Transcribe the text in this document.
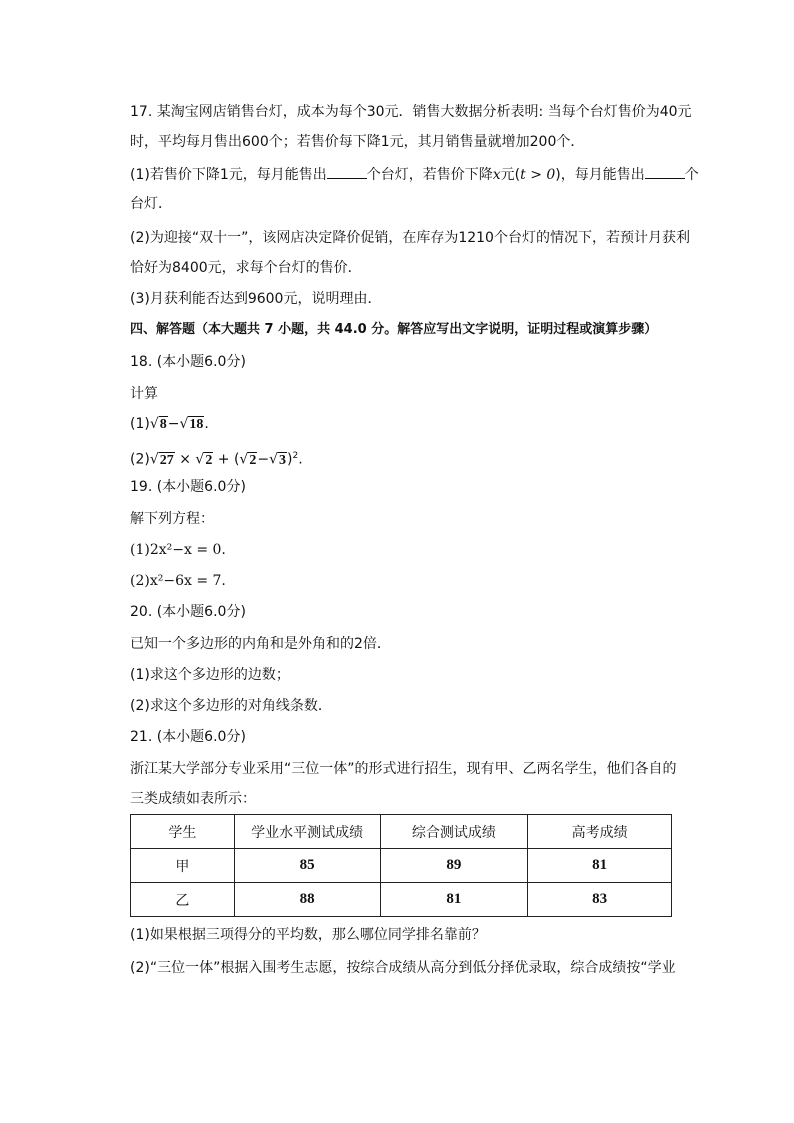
17. 某淘宝网店销售台灯，成本为每个30元．销售大数据分析表明: 当每个台灯售价为40元
时，平均每月售出600个；若售价每下降1元，其月销售量就增加200个．
(1)若售价下降1元，每月能售出	个台灯，若售价下降x元(t > 0)，每月能售出	个
台灯．
(2)为迎接“双十一”，该网店决定降价促销，在库存为1210个台灯的情况下，若预计月获利
恰好为8400元，求每个台灯的售价．
(3)月获利能否达到9600元，说明理由．
四、解答题（本大题共 7 小题，共 44.0 分。解答应写出文字说明，证明过程或演算步骤）
18. (本小题6.0分)
计算
(1)√8−√18.
$(2)√27 \times √2 + (√2-√3)^2$.
19. (本小题6.0分)
解下列方程：
(1)2x²−x = 0.
(2)x²−6x = 7.
20. (本小题6.0分)
已知一个多边形的内角和是外角和的2倍．
(1)求这个多边形的边数；
(2)求这个多边形的对角线条数．
21. (本小题6.0分)
浙江某大学部分专业采用“三位一体”的形式进行招生，现有甲、乙两名学生，他们各自的
三类成绩如表所示：
学生	学业水平测试成绩	综合测试成绩	高考成绩
甲	85	89	81
乙	88	81	83
(1)如果根据三项得分的平均数，那么哪位同学排名靠前？
(2)“三位一体”根据入围考生志愿，按综合成绩从高分到低分择优录取，综合成绩按“学业
